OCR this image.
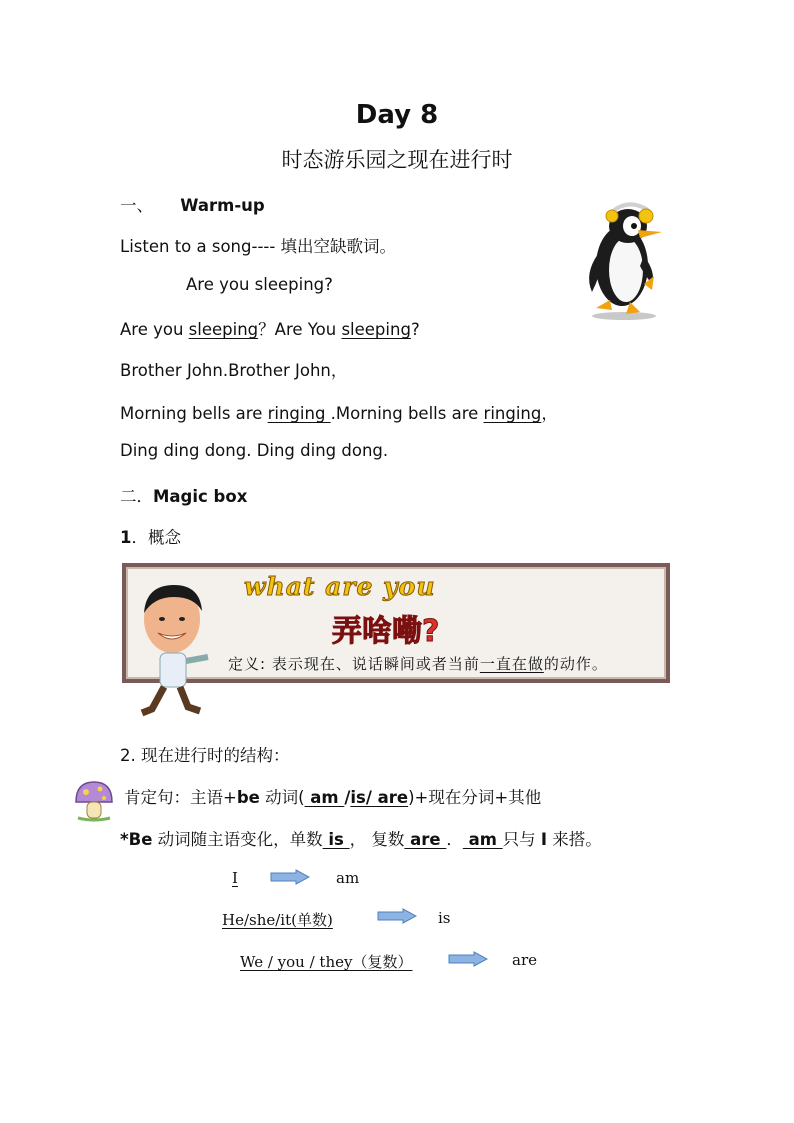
Day 8
时态游乐园之现在进行时
一、 Warm-up
Listen to a song---- 填出空缺歌词。
Are you sleeping?
Are you sleeping？Are You sleeping?
Brother John.Brother John，
Morning bells are ringing .Morning bells are ringing，
Ding ding dong. Ding ding dong.
二．Magic box
1．概念
what are you
弄啥嘞?
定义: 表示现在、说话瞬间或者当前一直在做的动作。
2. 现在进行时的结构：
肯定句：主语+be 动词( am /is/ are)+现在分词+其他
*Be 动词随主语变化，单数 is ， 复数 are ． am 只与 I 来搭。
I	am
He/she/it(单数)	is
We / you / they（复数）	are
